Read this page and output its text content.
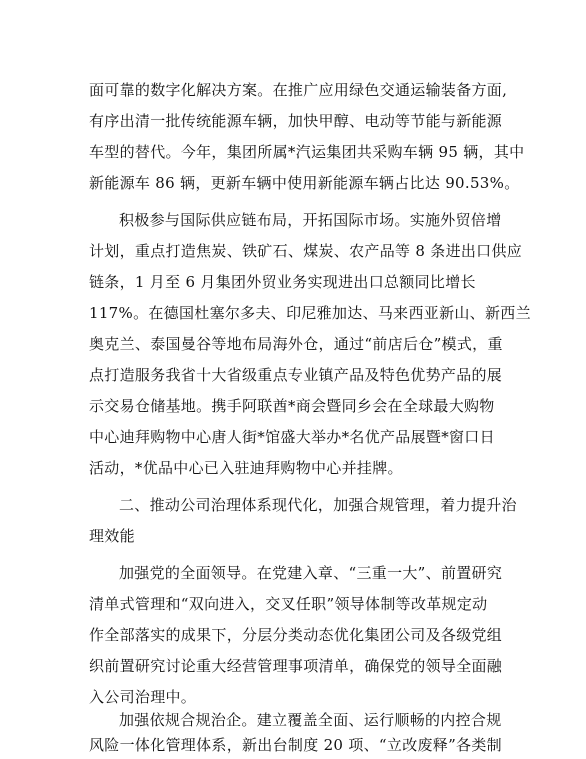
面可靠的数字化解决方案。在推广应用绿色交通运输装备方面,
有序出清一批传统能源车辆，加快甲醇、电动等节能与新能源
车型的替代。今年，集团所属*汽运集团共采购车辆 95 辆，其中
新能源车 86 辆，更新车辆中使用新能源车辆占比达 90.53%。
积极参与国际供应链布局，开拓国际市场。实施外贸倍增
计划，重点打造焦炭、铁矿石、煤炭、农产品等 8 条进出口供应
链条，1 月至 6 月集团外贸业务实现进出口总额同比增长
117%。在德国杜塞尔多夫、印尼雅加达、马来西亚新山、新西兰
奥克兰、泰国曼谷等地布局海外仓，通过“前店后仓”模式，重
点打造服务我省十大省级重点专业镇产品及特色优势产品的展
示交易仓储基地。携手阿联酋*商会暨同乡会在全球最大购物
中心迪拜购物中心唐人街*馆盛大举办*名优产品展暨*窗口日
活动，*优品中心已入驻迪拜购物中心并挂牌。
二、推动公司治理体系现代化，加强合规管理，着力提升治
理效能
加强党的全面领导。在党建入章、“三重一大”、前置研究
清单式管理和“双向进入，交叉任职”领导体制等改革规定动
作全部落实的成果下，分层分类动态优化集团公司及各级党组
织前置研究讨论重大经营管理事项清单，确保党的领导全面融
入公司治理中。
加强依规合规治企。建立覆盖全面、运行顺畅的内控合规
风险一体化管理体系，新出台制度 20 项、“立改废释”各类制
